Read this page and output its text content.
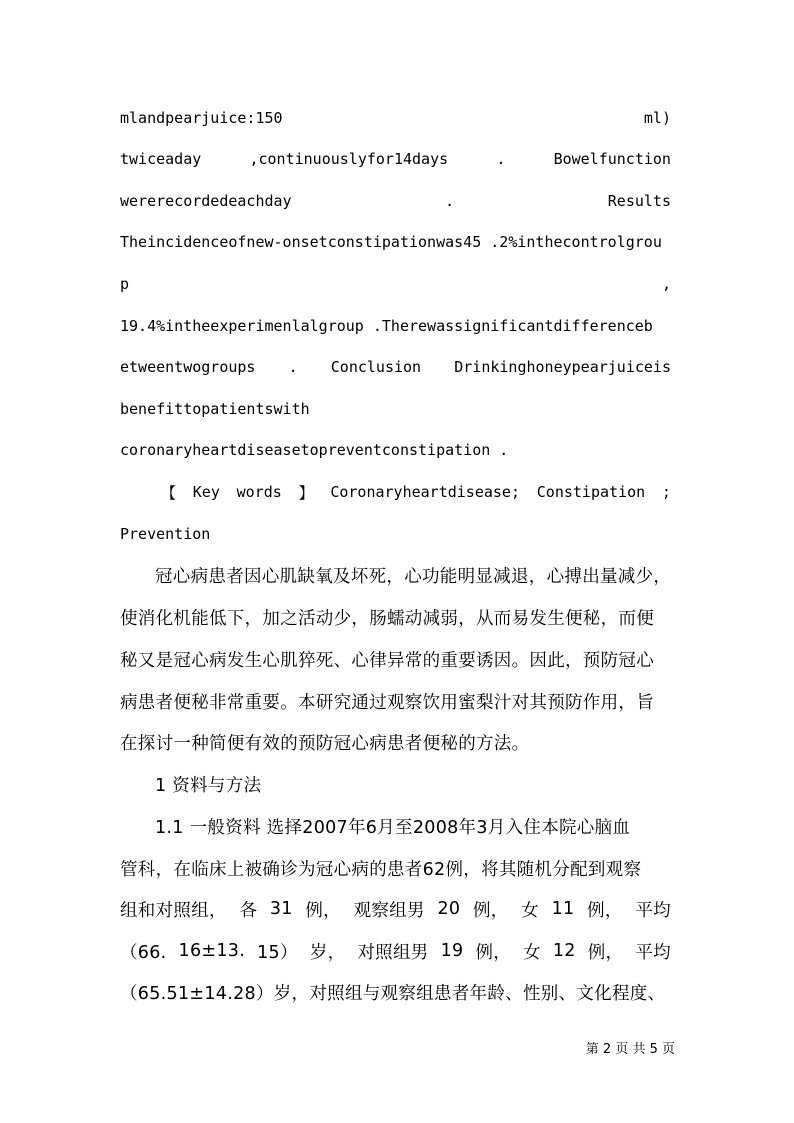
mlandpearjuice:150	ml)
twiceaday	,continuouslyfor14days	.	Bowelfunction
wererecordedeachday	.	Results
Theincidenceofnew-onsetconstipationwas45 .2%inthecontrolgrou
p	,
19.4%intheexperimenlalgroup .Therewassignificantdifferenceb
etweentwogroups . Conclusion Drinkinghoneypearjuiceis
benefittopatientswith
coronaryheartdiseasetopreventconstipation .
【 Key words 】 Coronaryheartdisease; Constipation ;
Prevention
冠心病患者因心肌缺氧及坏死，心功能明显减退，心搏出量减少，
使消化机能低下，加之活动少，肠蠕动减弱，从而易发生便秘，而便
秘又是冠心病发生心肌猝死、心律异常的重要诱因。因此，预防冠心
病患者便秘非常重要。本研究通过观察饮用蜜梨汁对其预防作用，旨
在探讨一种简便有效的预防冠心病患者便秘的方法。
1 资料与方法
1.1 一般资料 选择2007年6月至2008年3月入住本院心脑血
管科，在临床上被确诊为冠心病的患者62例，将其随机分配到观察
组和对照组， 各 31 例， 观察组男 20 例， 女 11 例， 平均
（66. 16±13. 15） 岁， 对照组男 19 例， 女 12 例， 平均
（65.51±14.28）岁，对照组与观察组患者年龄、性别、文化程度、
第 2 页 共 5 页
